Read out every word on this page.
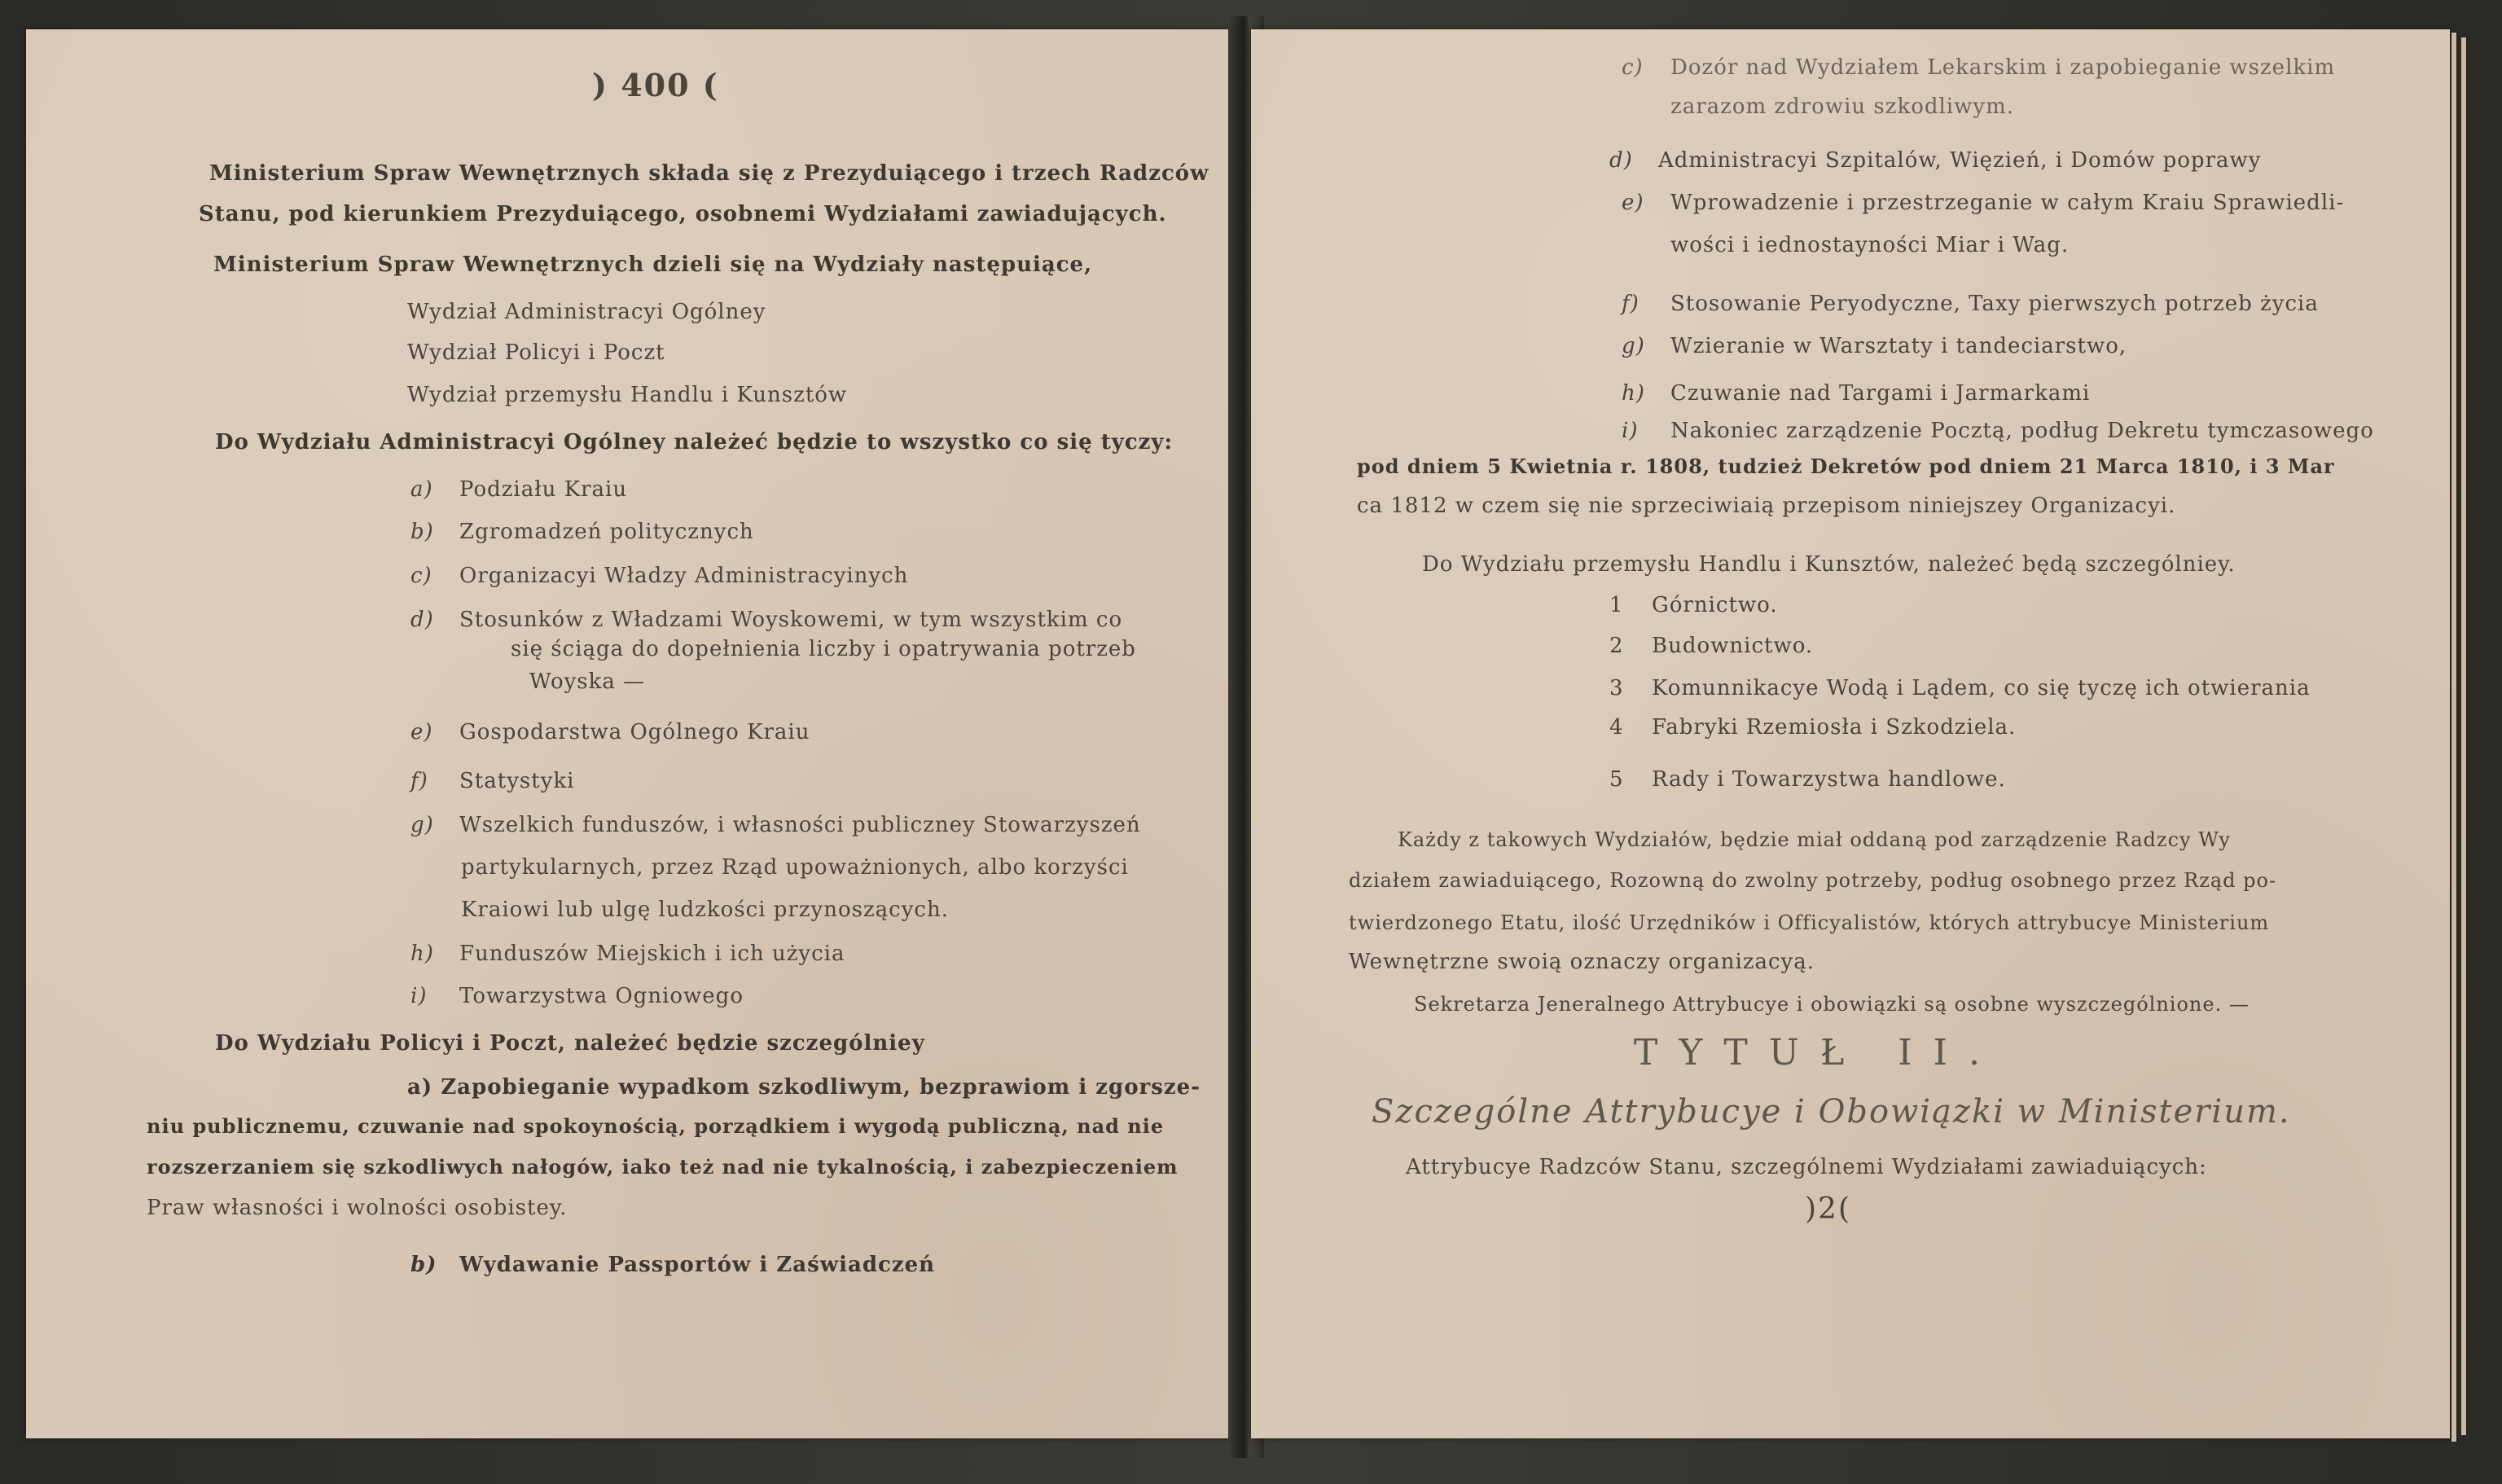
) 400 (
Ministerium Spraw Wewnętrznych składa się z Prezyduiącego i trzech Radzców
Stanu, pod kierunkiem Prezyduiącego, osobnemi Wydziałami zawiadujących.
Ministerium Spraw Wewnętrznych dzieli się na Wydziały następuiące,
Wydział Administracyi Ogólney
Wydział Policyi i Poczt
Wydział przemysłu Handlu i Kunsztów
Do Wydziału Administracyi Ogólney należeć będzie to wszystko co się tyczy:
a) Podziału Kraiu
b) Zgromadzeń politycznych
c) Organizacyi Władzy Administracyinych
d) Stosunków z Władzami Woyskowemi, w tym wszystkim co
się ściąga do dopełnienia liczby i opatrywania potrzeb
Woyska —
e) Gospodarstwa Ogólnego Kraiu
f) Statystyki
g) Wszelkich funduszów, i własności publiczney Stowarzyszeń
partykularnych, przez Rząd upoważnionych, albo korzyści
Kraiowi lub ulgę ludzkości przynoszących.
h) Funduszów Miejskich i ich użycia
i) Towarzystwa Ogniowego
Do Wydziału Policyi i Poczt, należeć będzie szczególniey
a) Zapobieganie wypadkom szkodliwym, bezprawiom i zgorsze-
niu publicznemu, czuwanie nad spokoynością, porządkiem i wygodą publiczną, nad nie
rozszerzaniem się szkodliwych nałogów, iako też nad nie tykalnością, i zabezpieczeniem
Praw własności i wolności osobistey.
b) Wydawanie Passportów i Zaświadczeń
c) Dozór nad Wydziałem Lekarskim i zapobieganie wszelkim
zarazom zdrowiu szkodliwym.
d) Administracyi Szpitalów, Więzień, i Domów poprawy
e) Wprowadzenie i przestrzeganie w całym Kraiu Sprawiedli-
wości i iednostayności Miar i Wag.
f) Stosowanie Peryodyczne, Taxy pierwszych potrzeb życia
g) Wzieranie w Warsztaty i tandeciarstwo,
h) Czuwanie nad Targami i Jarmarkami
i) Nakoniec zarządzenie Pocztą, podług Dekretu tymczasowego
pod dniem 5 Kwietnia r. 1808, tudzież Dekretów pod dniem 21 Marca 1810, i 3 Mar
ca 1812 w czem się nie sprzeciwiaią przepisom niniejszey Organizacyi.
Do Wydziału przemysłu Handlu i Kunsztów, należeć będą szczególniey.
1 Górnictwo.
2 Budownictwo.
3 Komunnikacye Wodą i Lądem, co się tyczę ich otwierania
4 Fabryki Rzemiosła i Szkodziela.
5 Rady i Towarzystwa handlowe.
Każdy z takowych Wydziałów, będzie miał oddaną pod zarządzenie Radzcy Wy
działem zawiaduiącego, Rozowną do zwolny potrzeby, podług osobnego przez Rząd po-
twierdzonego Etatu, ilość Urzędników i Officyalistów, których attrybucye Ministerium
Wewnętrzne swoią oznaczy organizacyą.
Sekretarza Jeneralnego Attrybucye i obowiązki są osobne wyszczególnione. —
TYTUŁ II.
Szczególne Attrybucye i Obowiązki w Ministerium.
Attrybucye Radzców Stanu, szczególnemi Wydziałami zawiaduiących:
)2(
